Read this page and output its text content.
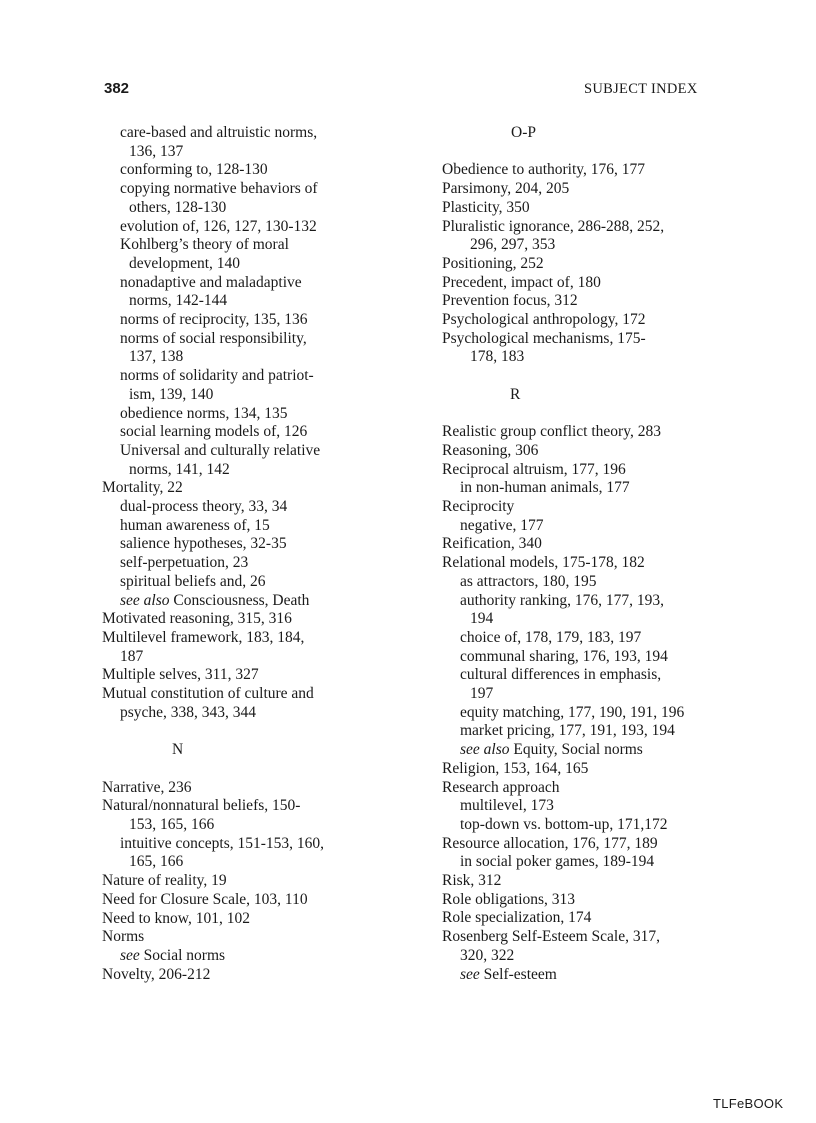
382	SUBJECT INDEX
care-based and altruistic norms,
136, 137
conforming to, 128-130
copying normative behaviors of
others, 128-130
evolution of, 126, 127, 130-132
Kohlberg’s theory of moral
development, 140
nonadaptive and maladaptive
norms, 142-144
norms of reciprocity, 135, 136
norms of social responsibility,
137, 138
norms of solidarity and patriot-
ism, 139, 140
obedience norms, 134, 135
social learning models of, 126
Universal and culturally relative
norms, 141, 142
Mortality, 22
dual-process theory, 33, 34
human awareness of, 15
salience hypotheses, 32-35
self-perpetuation, 23
spiritual beliefs and, 26
see also Consciousness, Death
Motivated reasoning, 315, 316
Multilevel framework, 183, 184,
187
Multiple selves, 311, 327
Mutual constitution of culture and
psyche, 338, 343, 344
N
Narrative, 236
Natural/nonnatural beliefs, 150-
153, 165, 166
intuitive concepts, 151-153, 160,
165, 166
Nature of reality, 19
Need for Closure Scale, 103, 110
Need to know, 101, 102
Norms
see Social norms
Novelty, 206-212
O-P
Obedience to authority, 176, 177
Parsimony, 204, 205
Plasticity, 350
Pluralistic ignorance, 286-288, 252,
296, 297, 353
Positioning, 252
Precedent, impact of, 180
Prevention focus, 312
Psychological anthropology, 172
Psychological mechanisms, 175-
178, 183
R
Realistic group conflict theory, 283
Reasoning, 306
Reciprocal altruism, 177, 196
in non-human animals, 177
Reciprocity
negative, 177
Reification, 340
Relational models, 175-178, 182
as attractors, 180, 195
authority ranking, 176, 177, 193,
194
choice of, 178, 179, 183, 197
communal sharing, 176, 193, 194
cultural differences in emphasis,
197
equity matching, 177, 190, 191, 196
market pricing, 177, 191, 193, 194
see also Equity, Social norms
Religion, 153, 164, 165
Research approach
multilevel, 173
top-down vs. bottom-up, 171,172
Resource allocation, 176, 177, 189
in social poker games, 189-194
Risk, 312
Role obligations, 313
Role specialization, 174
Rosenberg Self-Esteem Scale, 317,
320, 322
see Self-esteem
TLFeBOOK
